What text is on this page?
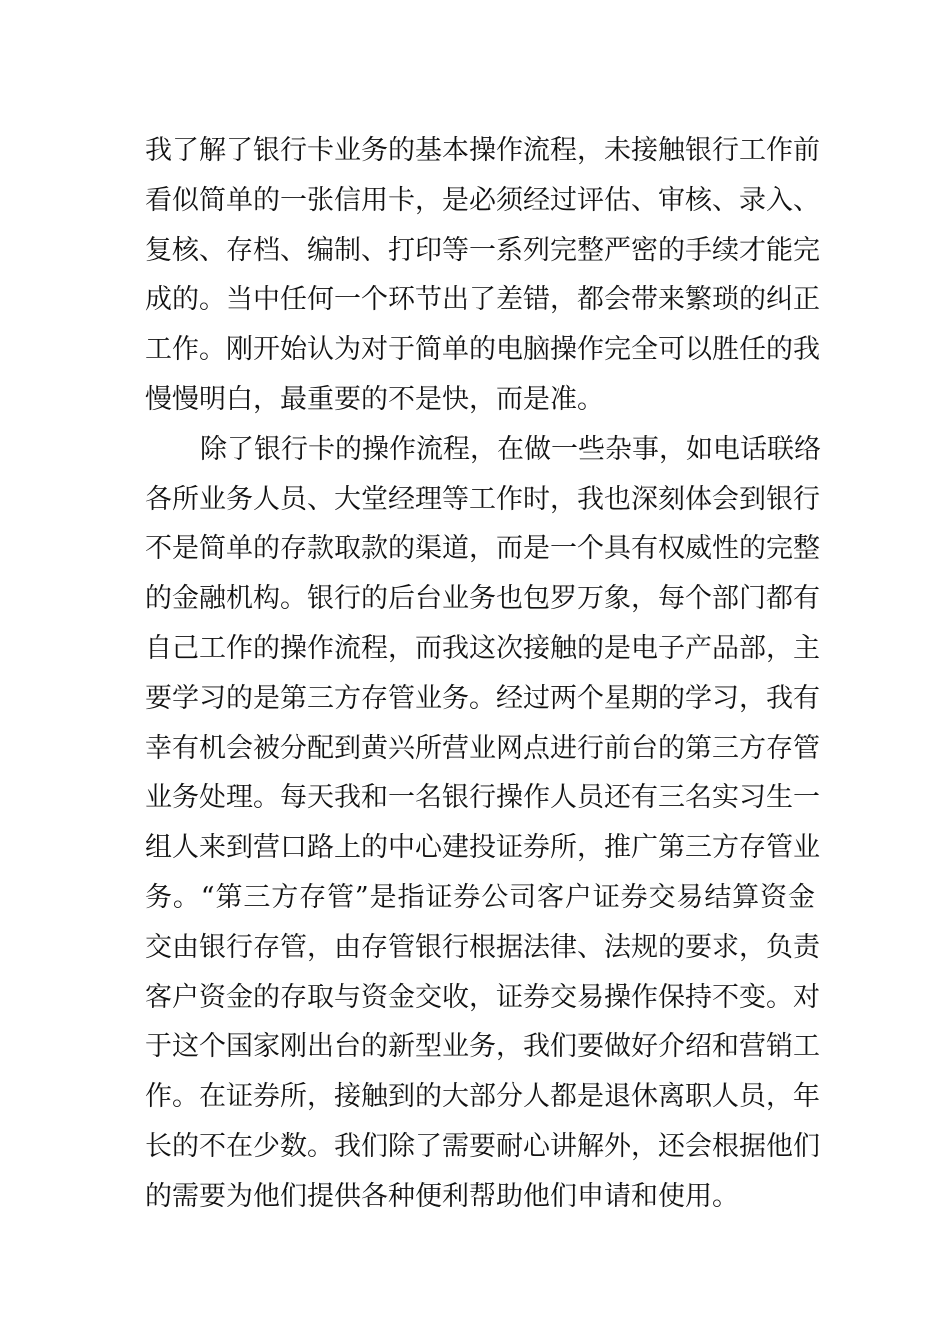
我了解了银行卡业务的基本操作流程，未接触银行工作前
看似简单的一张信用卡，是必须经过评估、审核、录入、
复核、存档、编制、打印等一系列完整严密的手续才能完
成的。当中任何一个环节出了差错，都会带来繁琐的纠正
工作。刚开始认为对于简单的电脑操作完全可以胜任的我
慢慢明白，最重要的不是快，而是准。
除了银行卡的操作流程，在做一些杂事，如电话联络
各所业务人员、大堂经理等工作时，我也深刻体会到银行
不是简单的存款取款的渠道，而是一个具有权威性的完整
的金融机构。银行的后台业务也包罗万象，每个部门都有
自己工作的操作流程，而我这次接触的是电子产品部，主
要学习的是第三方存管业务。经过两个星期的学习，我有
幸有机会被分配到黄兴所营业网点进行前台的第三方存管
业务处理。每天我和一名银行操作人员还有三名实习生一
组人来到营口路上的中心建投证券所，推广第三方存管业
务。“第三方存管”是指证券公司客户证券交易结算资金
交由银行存管，由存管银行根据法律、法规的要求，负责
客户资金的存取与资金交收，证券交易操作保持不变。对
于这个国家刚出台的新型业务，我们要做好介绍和营销工
作。在证券所，接触到的大部分人都是退休离职人员，年
长的不在少数。我们除了需要耐心讲解外，还会根据他们
的需要为他们提供各种便利帮助他们申请和使用。
